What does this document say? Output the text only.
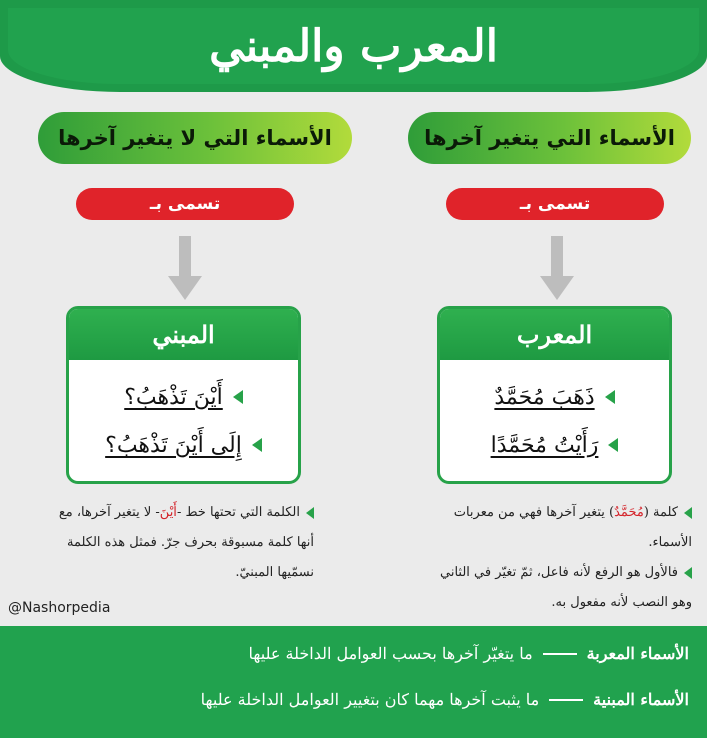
المعرب والمبني
الأسماء التي يتغير آخرها
تسمى بـ
المعرب
ذَهَبَ مُحَمَّدٌ
رَأَيْتُ مُحَمَّدًا
كلمة (مُحَمَّدٌ) يتغير آخرها فهي من معربات الأسماء.
فالأول هو الرفع لأنه فاعل، ثمّ تغيّر في الثاني وهو النصب لأنه مفعول به.
الأسماء التي لا يتغير آخرها
تسمى بـ
المبني
أَيْنَ تَذْهَبُ؟
إِلَى أَيْنَ تَذْهَبُ؟
الكلمة التي تحتها خط -أَيْنَ- لا يتغير آخرها، مع أنها كلمة مسبوقة بحرف جرّ. فمثل هذه الكلمة نسمّيها المبنيّ.
@Nashorpedia
الأسماء المعربة
ما يتغيّر آخرها بحسب العوامل الداخلة عليها
الأسماء المبنية
ما يثبت آخرها مهما كان بتغيير العوامل الداخلة عليها
